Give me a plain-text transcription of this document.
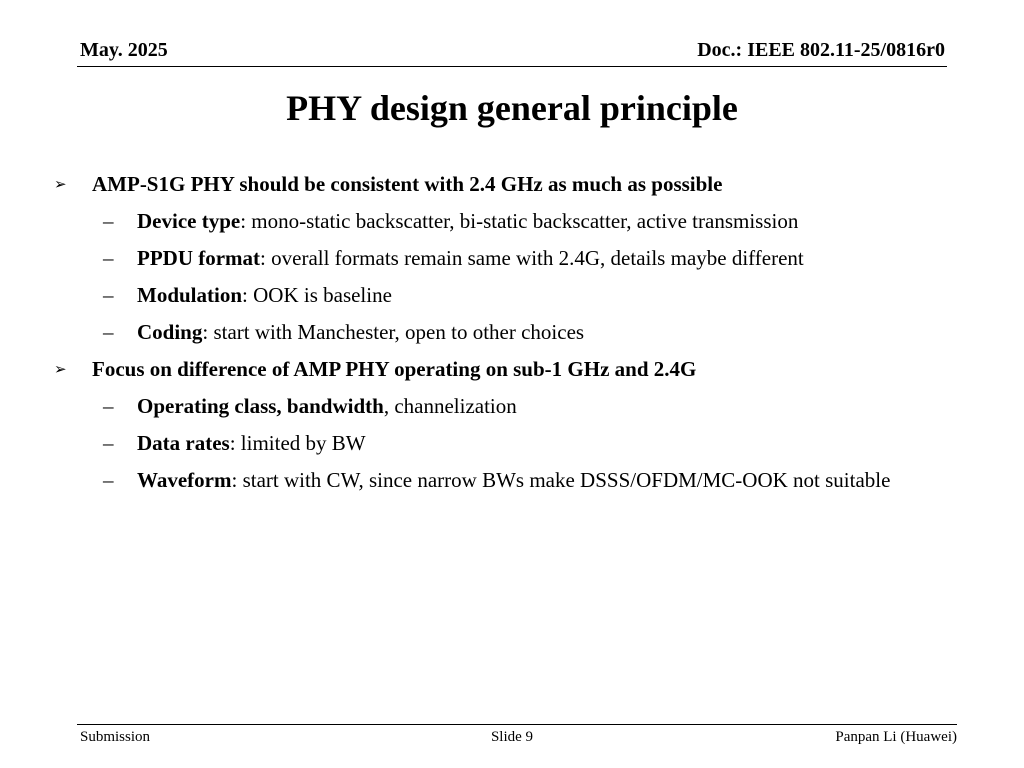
May. 2025	Doc.: IEEE 802.11-25/0816r0
PHY design general principle
➢ AMP-S1G PHY should be consistent with 2.4 GHz as much as possible
– Device type: mono-static backscatter, bi-static backscatter, active transmission
– PPDU format: overall formats remain same with 2.4G, details maybe different
– Modulation: OOK is baseline
– Coding: start with Manchester, open to other choices
➢ Focus on difference of AMP PHY operating on sub-1 GHz and 2.4G
– Operating class, bandwidth, channelization
– Data rates: limited by BW
– Waveform: start with CW, since narrow BWs make DSSS/OFDM/MC-OOK not suitable
Submission	Slide 9	Panpan Li (Huawei)
